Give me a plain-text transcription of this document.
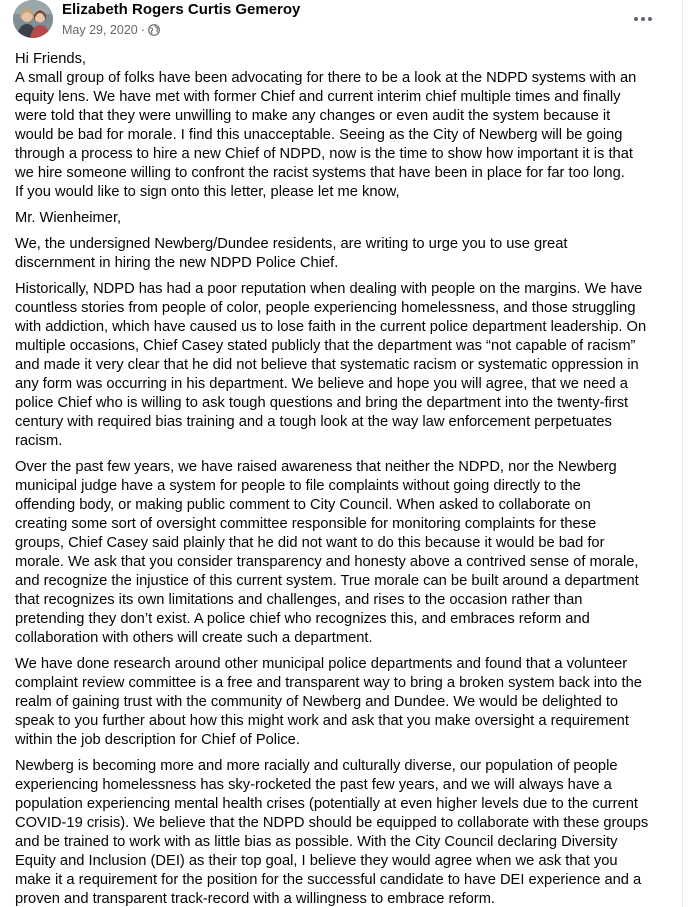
Elizabeth Rogers Curtis Gemeroy
May 29, 2020 ·

Hi Friends,
A small group of folks have been advocating for there to be a look at the NDPD systems with an
equity lens. We have met with former Chief and current interim chief multiple times and finally
were told that they were unwilling to make any changes or even audit the system because it
would be bad for morale. I find this unacceptable. Seeing as the City of Newberg will be going
through a process to hire a new Chief of NDPD, now is the time to show how important it is that
we hire someone willing to confront the racist systems that have been in place for far too long.
If you would like to sign onto this letter, please let me know,

Mr. Wienheimer,

We, the undersigned Newberg/Dundee residents, are writing to urge you to use great
discernment in hiring the new NDPD Police Chief.

Historically, NDPD has had a poor reputation when dealing with people on the margins. We have
countless stories from people of color, people experiencing homelessness, and those struggling
with addiction, which have caused us to lose faith in the current police department leadership. On
multiple occasions, Chief Casey stated publicly that the department was “not capable of racism”
and made it very clear that he did not believe that systematic racism or systematic oppression in
any form was occurring in his department. We believe and hope you will agree, that we need a
police Chief who is willing to ask tough questions and bring the department into the twenty-first
century with required bias training and a tough look at the way law enforcement perpetuates
racism.

Over the past few years, we have raised awareness that neither the NDPD, nor the Newberg
municipal judge have a system for people to file complaints without going directly to the
offending body, or making public comment to City Council. When asked to collaborate on
creating some sort of oversight committee responsible for monitoring complaints for these
groups, Chief Casey said plainly that he did not want to do this because it would be bad for
morale. We ask that you consider transparency and honesty above a contrived sense of morale,
and recognize the injustice of this current system. True morale can be built around a department
that recognizes its own limitations and challenges, and rises to the occasion rather than
pretending they don’t exist. A police chief who recognizes this, and embraces reform and
collaboration with others will create such a department.

We have done research around other municipal police departments and found that a volunteer
complaint review committee is a free and transparent way to bring a broken system back into the
realm of gaining trust with the community of Newberg and Dundee. We would be delighted to
speak to you further about how this might work and ask that you make oversight a requirement
within the job description for Chief of Police.

Newberg is becoming more and more racially and culturally diverse, our population of people
experiencing homelessness has sky-rocketed the past few years, and we will always have a
population experiencing mental health crises (potentially at even higher levels due to the current
COVID-19 crisis). We believe that the NDPD should be equipped to collaborate with these groups
and be trained to work with as little bias as possible. With the City Council declaring Diversity
Equity and Inclusion (DEI) as their top goal, I believe they would agree when we ask that you
make it a requirement for the position for the successful candidate to have DEI experience and a
proven and transparent track-record with a willingness to embrace reform.
